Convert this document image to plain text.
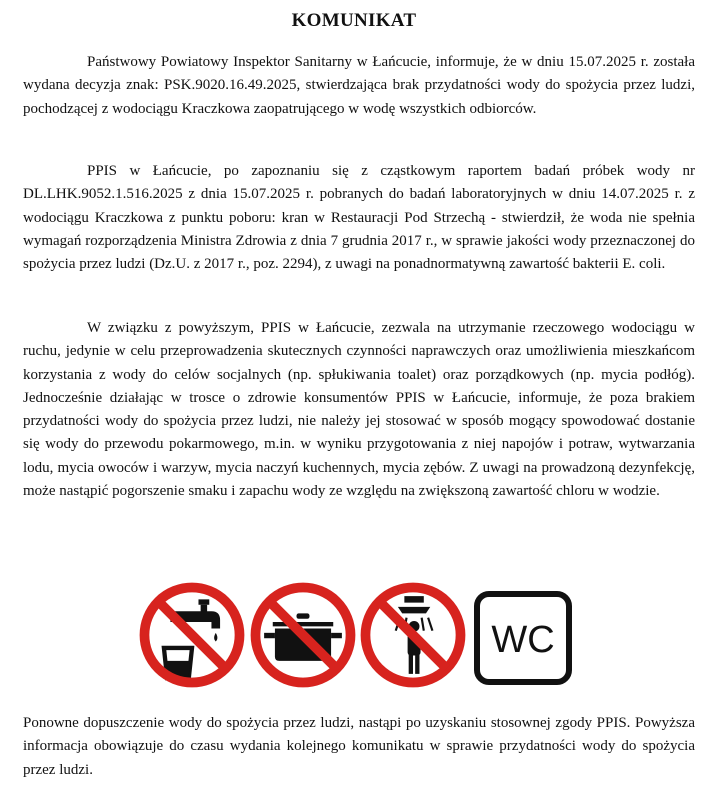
KOMUNIKAT

Państwowy Powiatowy Inspektor Sanitarny w Łańcucie, informuje, że w dniu 15.07.2025 r. została wydana decyzja znak: PSK.9020.16.49.2025, stwierdzająca brak przydatności wody do spożycia przez ludzi, pochodzącej z wodociągu Kraczkowa zaopatrującego w wodę wszystkich odbiorców.

PPIS w Łańcucie, po zapoznaniu się z cząstkowym raportem badań próbek wody nr DL.LHK.9052.1.516.2025 z dnia 15.07.2025 r. pobranych do badań laboratoryjnych w dniu 14.07.2025 r. z wodociągu Kraczkowa z punktu poboru: kran w Restauracji Pod Strzechą - stwierdził, że woda nie spełnia wymagań rozporządzenia Ministra Zdrowia z dnia 7 grudnia 2017 r., w sprawie jakości wody przeznaczonej do spożycia przez ludzi (Dz.U. z 2017 r., poz. 2294), z uwagi na ponadnormatywną zawartość bakterii E. coli.

W związku z powyższym, PPIS w Łańcucie, zezwala na utrzymanie rzeczowego wodociągu w ruchu, jedynie w celu przeprowadzenia skutecznych czynności naprawczych oraz umożliwienia mieszkańcom korzystania z wody do celów socjalnych (np. spłukiwania toalet) oraz porządkowych (np. mycia podłóg). Jednocześnie działając w trosce o zdrowie konsumentów PPIS w Łańcucie, informuje, że poza brakiem przydatności wody do spożycia przez ludzi, nie należy jej stosować w sposób mogący spowodować dostanie się wody do przewodu pokarmowego, m.in. w wyniku przygotowania z niej napojów i potraw, wytwarzania lodu, mycia owoców i warzyw, mycia naczyń kuchennych, mycia zębów. Z uwagi na prowadzoną dezynfekcję, może nastąpić pogorszenie smaku i zapachu wody ze względu na zwiększoną zawartość chloru w wodzie.

Ponowne dopuszczenie wody do spożycia przez ludzi, nastąpi po uzyskaniu stosownej zgody PPIS. Powyższa informacja obowiązuje do czasu wydania kolejnego komunikatu w sprawie przydatności wody do spożycia przez ludzi.

WC
